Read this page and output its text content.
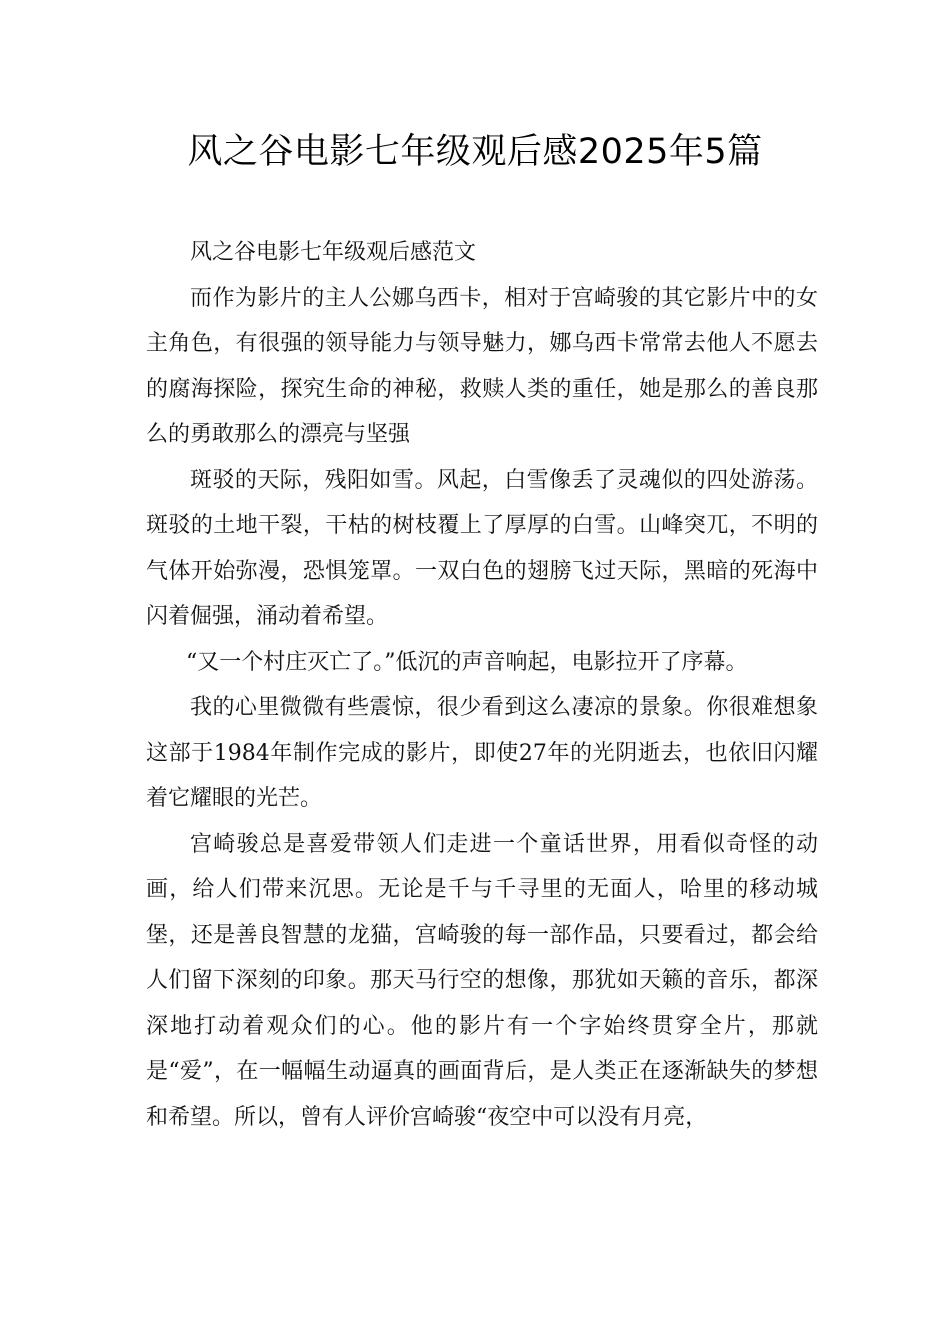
风之谷电影七年级观后感2025年5篇

风之谷电影七年级观后感范文

而作为影片的主人公娜乌西卡，相对于宫崎骏的其它影片中的女主角色，有很强的领导能力与领导魅力，娜乌西卡常常去他人不愿去的腐海探险，探究生命的神秘，救赎人类的重任，她是那么的善良那么的勇敢那么的漂亮与坚强

斑驳的天际，残阳如雪。风起，白雪像丢了灵魂似的四处游荡。斑驳的土地干裂，干枯的树枝覆上了厚厚的白雪。山峰突兀，不明的气体开始弥漫，恐惧笼罩。一双白色的翅膀飞过天际，黑暗的死海中闪着倔强，涌动着希望。

“又一个村庄灭亡了。”低沉的声音响起，电影拉开了序幕。

我的心里微微有些震惊，很少看到这么凄凉的景象。你很难想象这部于1984年制作完成的影片，即使27年的光阴逝去，也依旧闪耀着它耀眼的光芒。

宫崎骏总是喜爱带领人们走进一个童话世界，用看似奇怪的动画，给人们带来沉思。无论是千与千寻里的无面人，哈里的移动城堡，还是善良智慧的龙猫，宫崎骏的每一部作品，只要看过，都会给人们留下深刻的印象。那天马行空的想像，那犹如天籁的音乐，都深深地打动着观众们的心。他的影片有一个字始终贯穿全片，那就是“爱”，在一幅幅生动逼真的画面背后，是人类正在逐渐缺失的梦想和希望。所以，曾有人评价宫崎骏“夜空中可以没有月亮，
